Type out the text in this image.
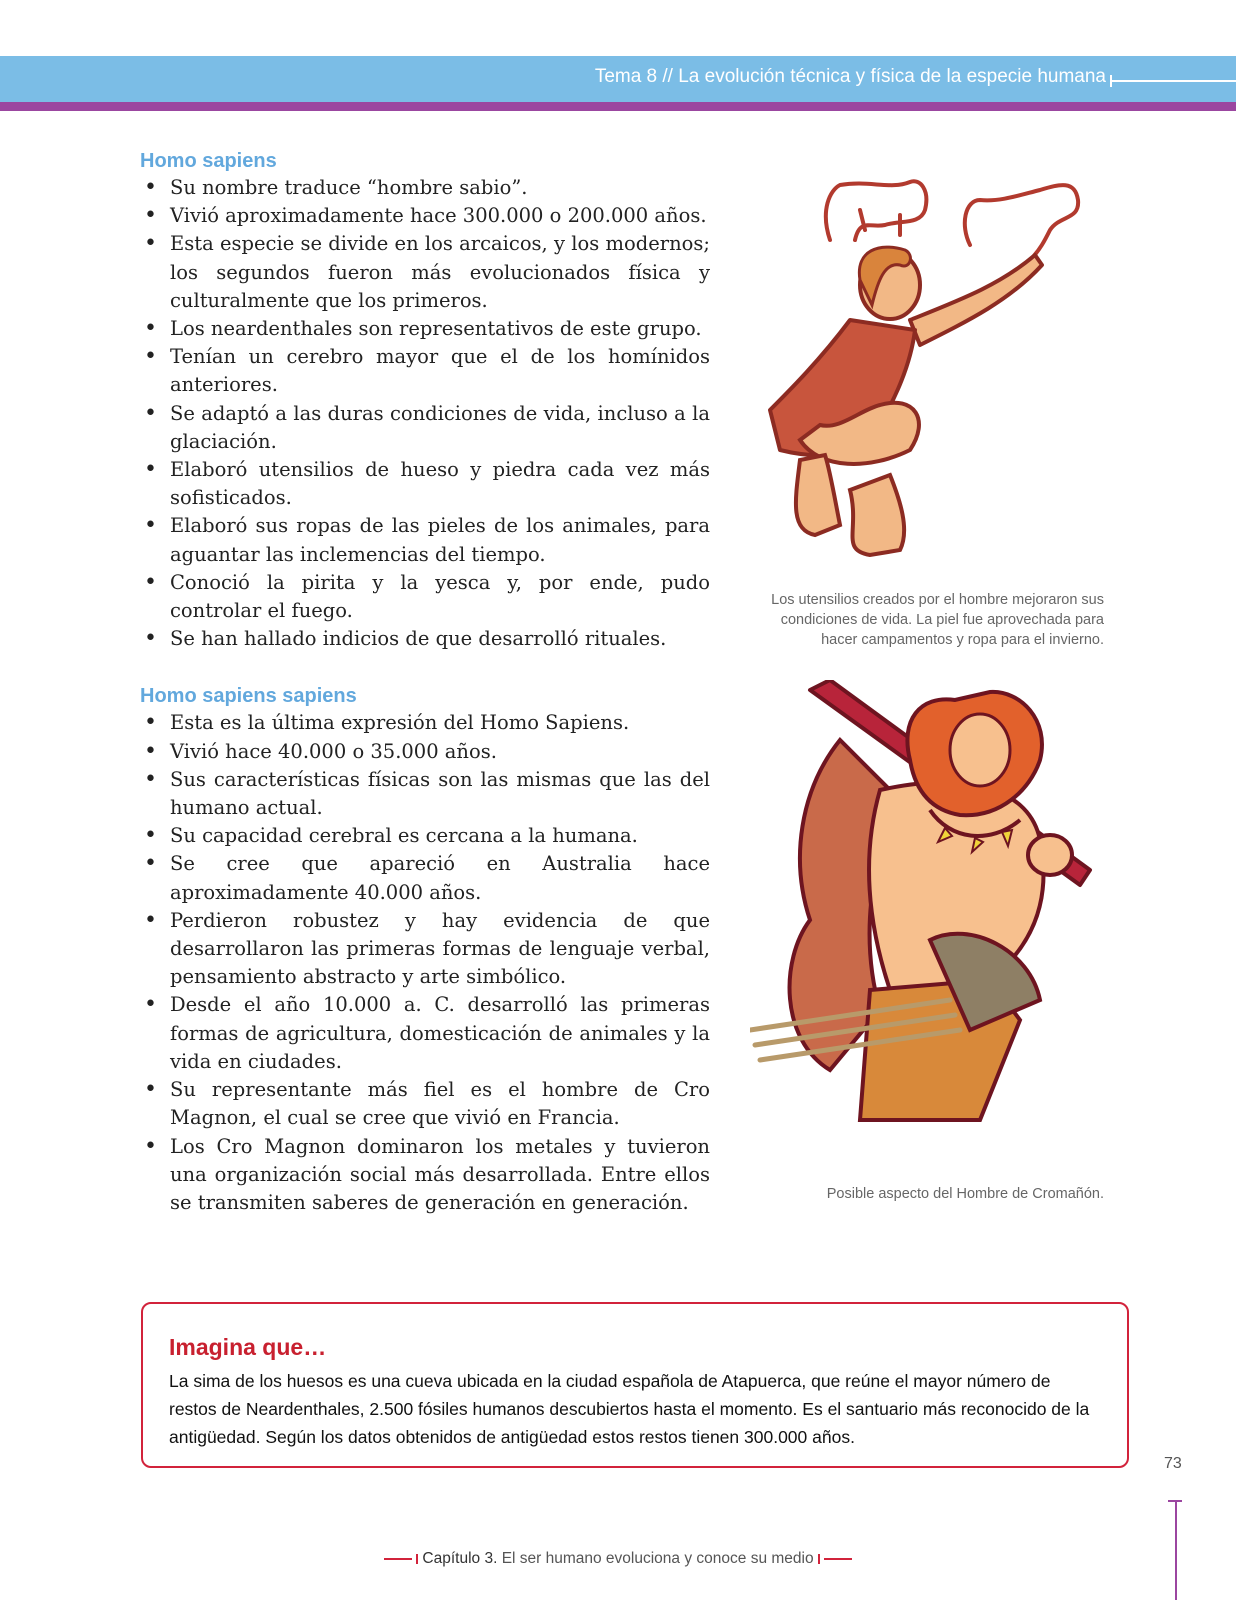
Tema 8 // La evolución técnica y física de la especie humana
Homo sapiens
• Su nombre traduce “hombre sabio”.
• Vivió aproximadamente hace 300.000 o 200.000 años.
• Esta especie se divide en los arcaicos, y los modernos; los segundos fueron más evolucionados física y culturalmente que los primeros.
• Los neardenthales son representativos de este grupo.
• Tenían un cerebro mayor que el de los homínidos anteriores.
• Se adaptó a las duras condiciones de vida, incluso a la glaciación.
• Elaboró utensilios de hueso y piedra cada vez más sofisticados.
• Elaboró sus ropas de las pieles de los animales, para aguantar las inclemencias del tiempo.
• Conoció la pirita y la yesca y, por ende, pudo controlar el fuego.
• Se han hallado indicios de que desarrolló rituales.
Homo sapiens sapiens
• Esta es la última expresión del Homo Sapiens.
• Vivió hace 40.000 o 35.000 años.
• Sus características físicas son las mismas que las del humano actual.
• Su capacidad cerebral es cercana a la humana.
• Se cree que apareció en Australia hace aproximadamente 40.000 años.
• Perdieron robustez y hay evidencia de que desarrollaron las primeras formas de lenguaje verbal, pensamiento abstracto y arte simbólico.
• Desde el año 10.000 a. C. desarrolló las primeras formas de agricultura, domesticación de animales y la vida en ciudades.
• Su representante más fiel es el hombre de Cro Magnon, el cual se cree que vivió en Francia.
• Los Cro Magnon dominaron los metales y tuvieron una organización social más desarrollada. Entre ellos se transmiten saberes de generación en generación.
Los utensilios creados por el hombre mejoraron sus condiciones de vida. La piel fue aprovechada para hacer campamentos y ropa para el invierno.
Posible aspecto del Hombre de Cromañón.
Imagina que…

La sima de los huesos es una cueva ubicada en la ciudad española de Atapuerca, que reúne el mayor número de restos de Neardenthales, 2.500 fósiles humanos descubiertos hasta el momento. Es el santuario más reconocido de la antigüedad. Según los datos obtenidos de antigüedad estos restos tienen 300.000 años.

73
Capítulo 3. El ser humano evoluciona y conoce su medio
